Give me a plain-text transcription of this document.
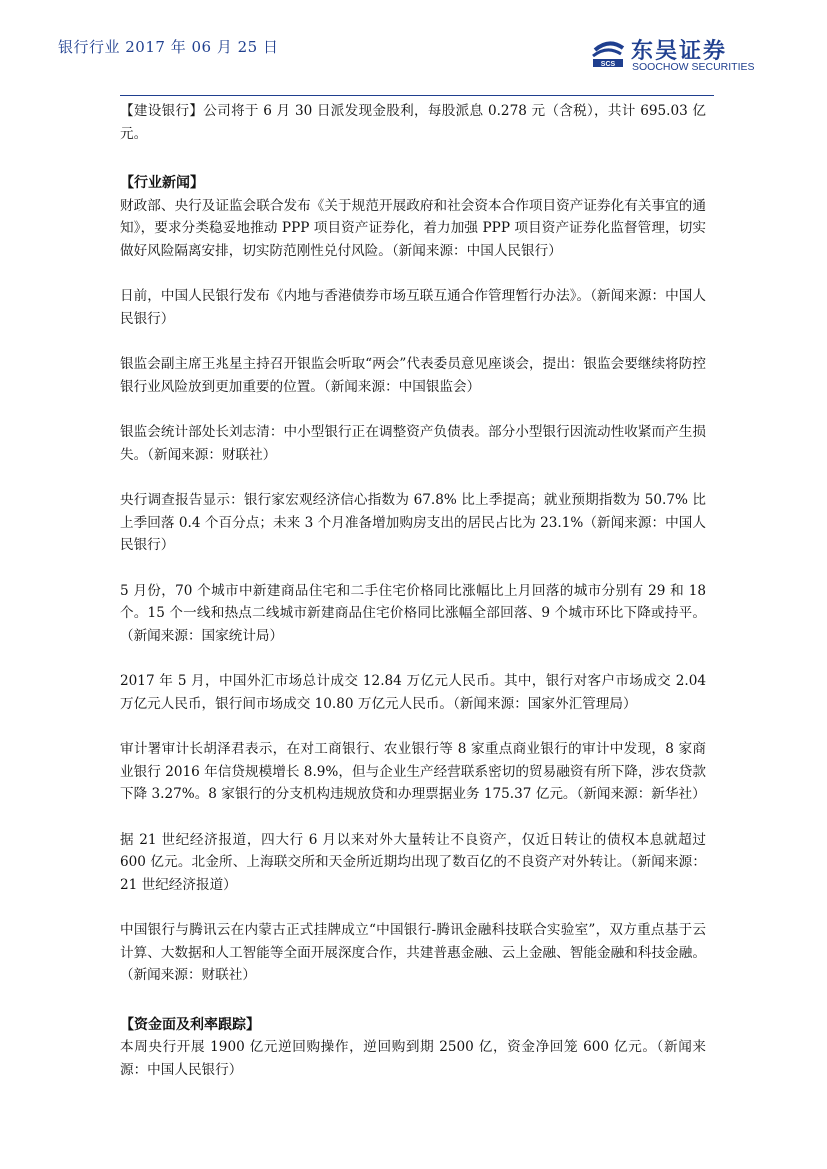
银行行业 2017 年 06 月 25 日
SCS
东吴证券
SOOCHOW SECURITIES

【建设银行】公司将于 6 月 30 日派发现金股利，每股派息 0.278 元（含税），共计 695.03 亿元。

【行业新闻】

财政部、央行及证监会联合发布《关于规范开展政府和社会资本合作项目资产证券化有关事宜的通知》，要求分类稳妥地推动 PPP 项目资产证券化，着力加强 PPP 项目资产证券化监督管理，切实做好风险隔离安排，切实防范刚性兑付风险。（新闻来源：中国人民银行）

日前，中国人民银行发布《内地与香港债券市场互联互通合作管理暂行办法》。（新闻来源：中国人民银行）

银监会副主席王兆星主持召开银监会听取“两会”代表委员意见座谈会，提出：银监会要继续将防控银行业风险放到更加重要的位置。（新闻来源：中国银监会）

银监会统计部处长刘志清：中小型银行正在调整资产负债表。部分小型银行因流动性收紧而产生损失。（新闻来源：财联社）

央行调查报告显示：银行家宏观经济信心指数为 67.8% 比上季提高；就业预期指数为 50.7% 比上季回落 0.4 个百分点；未来 3 个月准备增加购房支出的居民占比为 23.1%（新闻来源：中国人民银行）

5 月份，70 个城市中新建商品住宅和二手住宅价格同比涨幅比上月回落的城市分别有 29 和 18 个。15 个一线和热点二线城市新建商品住宅价格同比涨幅全部回落、9 个城市环比下降或持平。（新闻来源：国家统计局）

2017 年 5 月，中国外汇市场总计成交 12.84 万亿元人民币。其中，银行对客户市场成交 2.04 万亿元人民币，银行间市场成交 10.80 万亿元人民币。（新闻来源：国家外汇管理局）

审计署审计长胡泽君表示，在对工商银行、农业银行等 8 家重点商业银行的审计中发现，8 家商业银行 2016 年信贷规模增长 8.9%，但与企业生产经营联系密切的贸易融资有所下降，涉农贷款下降 3.27%。8 家银行的分支机构违规放贷和办理票据业务 175.37 亿元。（新闻来源：新华社）

据 21 世纪经济报道，四大行 6 月以来对外大量转让不良资产，仅近日转让的债权本息就超过 600 亿元。北金所、上海联交所和天金所近期均出现了数百亿的不良资产对外转让。（新闻来源：21 世纪经济报道）

中国银行与腾讯云在内蒙古正式挂牌成立“中国银行-腾讯金融科技联合实验室”，双方重点基于云计算、大数据和人工智能等全面开展深度合作，共建普惠金融、云上金融、智能金融和科技金融。（新闻来源：财联社）

【资金面及利率跟踪】

本周央行开展 1900 亿元逆回购操作，逆回购到期 2500 亿，资金净回笼 600 亿元。（新闻来源：中国人民银行）
